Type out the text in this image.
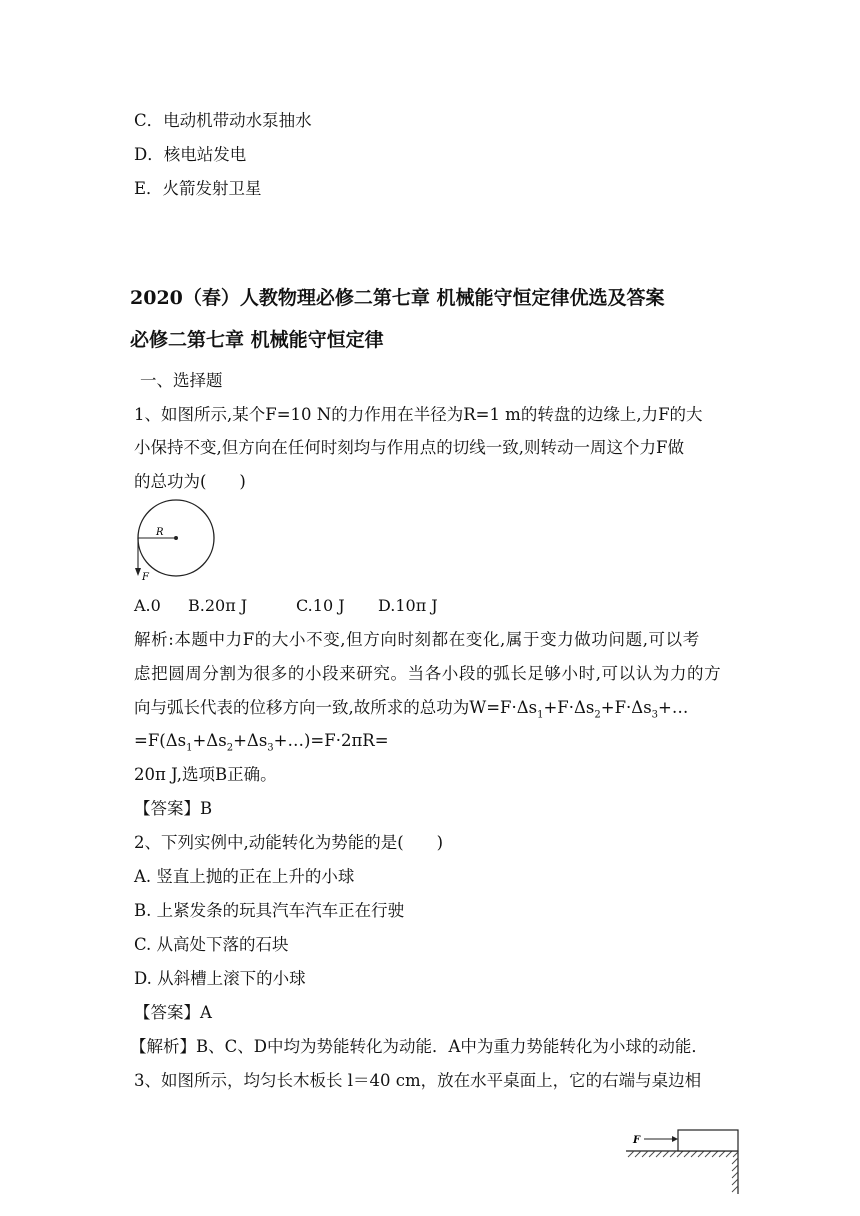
C．电动机带动水泵抽水
D．核电站发电
E．火箭发射卫星
2020（春）人教物理必修二第七章 机械能守恒定律优选及答案
必修二第七章 机械能守恒定律
一、选择题
1、如图所示,某个F=10 N的力作用在半径为R=1 m的转盘的边缘上,力F的大
小保持不变,但方向在任何时刻均与作用点的切线一致,则转动一周这个力F做
的总功为(　　)
R
F
A.0 B.20π J	C.10 J D.10π J
解析:本题中力F的大小不变,但方向时刻都在变化,属于变力做功问题,可以考
虑把圆周分割为很多的小段来研究。当各小段的弧长足够小时,可以认为力的方
向与弧长代表的位移方向一致,故所求的总功为$W=F\cdot\Delta s_1+F\cdot\Delta s_2+F\cdot\Delta s_3+\dots$
$=F(\Delta s_1+\Delta s_2+\Delta s_3+\dots)=F\cdot 2\pi R=$
20π J,选项B正确。
【答案】B
2、下列实例中,动能转化为势能的是(　　)
A. 竖直上抛的正在上升的小球
B. 上紧发条的玩具汽车汽车正在行驶
C. 从高处下落的石块
D. 从斜槽上滚下的小球
【答案】A
【解析】B、C、D中均为势能转化为动能．A中为重力势能转化为小球的动能．
3、如图所示，均匀长木板长 l＝40 cm，放在水平桌面上，它的右端与桌边相
F
